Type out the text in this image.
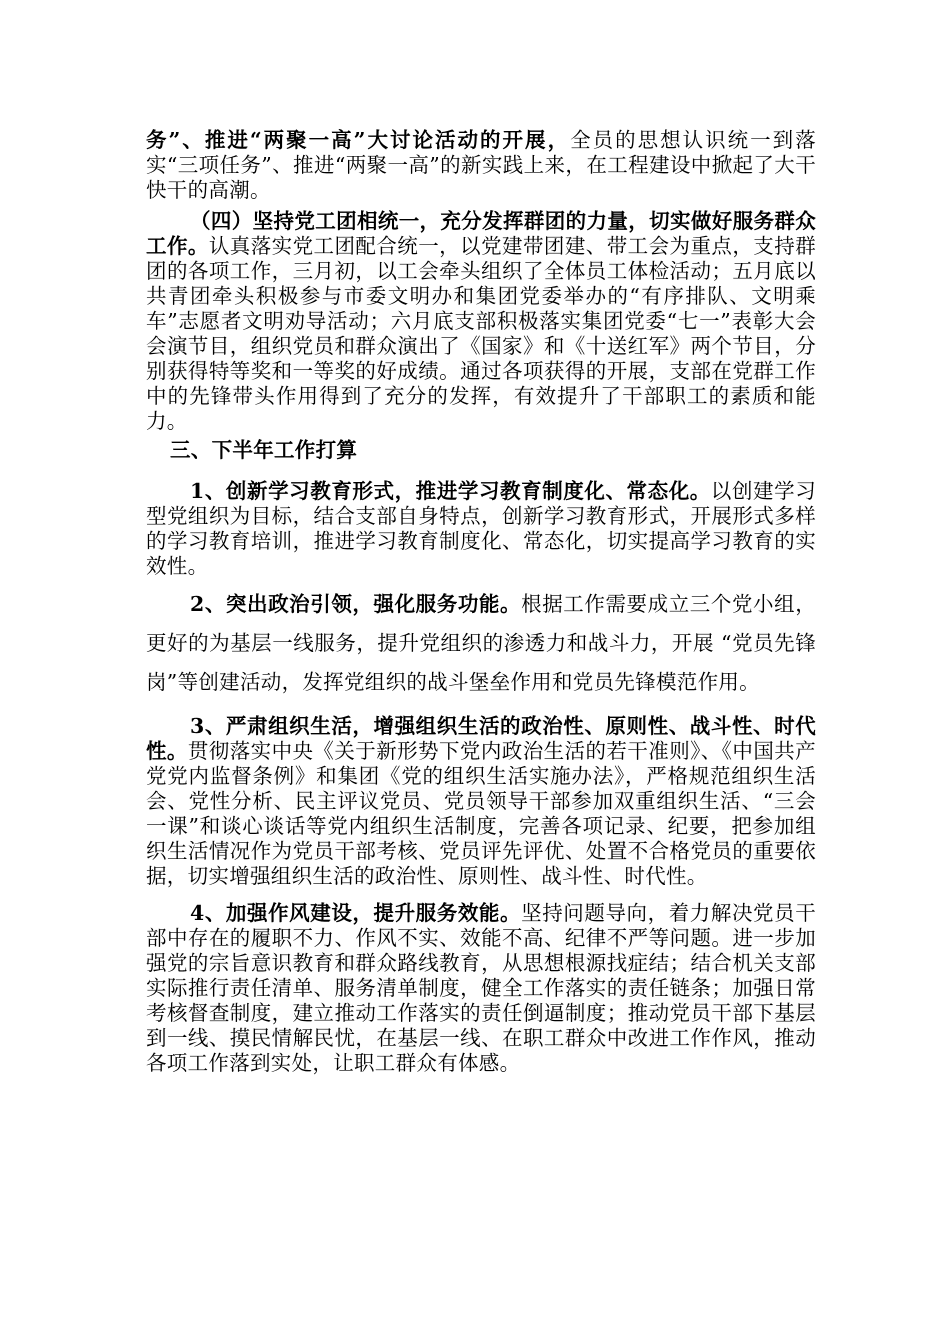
务”、推进“两聚一高”大讨论活动的开展，全员的思想认识统一到落实“三项任务”、推进“两聚一高”的新实践上来，在工程建设中掀起了大干快干的高潮。

（四）坚持党工团相统一，充分发挥群团的力量，切实做好服务群众工作。认真落实党工团配合统一，以党建带团建、带工会为重点，支持群团的各项工作，三月初，以工会牵头组织了全体员工体检活动；五月底以共青团牵头积极参与市委文明办和集团党委举办的“有序排队、文明乘车”志愿者文明劝导活动；六月底支部积极落实集团党委“七一”表彰大会会演节目，组织党员和群众演出了《国家》和《十送红军》两个节目，分别获得特等奖和一等奖的好成绩。通过各项获得的开展，支部在党群工作中的先锋带头作用得到了充分的发挥，有效提升了干部职工的素质和能力。

三、下半年工作打算

1、创新学习教育形式，推进学习教育制度化、常态化。以创建学习型党组织为目标，结合支部自身特点，创新学习教育形式，开展形式多样的学习教育培训，推进学习教育制度化、常态化，切实提高学习教育的实效性。

2、突出政治引领，强化服务功能。根据工作需要成立三个党小组，更好的为基层一线服务，提升党组织的渗透力和战斗力，开展 “党员先锋岗”等创建活动，发挥党组织的战斗堡垒作用和党员先锋模范作用。

3、严肃组织生活，增强组织生活的政治性、原则性、战斗性、时代性。贯彻落实中央《关于新形势下党内政治生活的若干准则》、《中国共产党党内监督条例》和集团《党的组织生活实施办法》，严格规范组织生活会、党性分析、民主评议党员、党员领导干部参加双重组织生活、“三会一课”和谈心谈话等党内组织生活制度，完善各项记录、纪要，把参加组织生活情况作为党员干部考核、党员评先评优、处置不合格党员的重要依据，切实增强组织生活的政治性、原则性、战斗性、时代性。

4、加强作风建设，提升服务效能。坚持问题导向，着力解决党员干部中存在的履职不力、作风不实、效能不高、纪律不严等问题。进一步加强党的宗旨意识教育和群众路线教育，从思想根源找症结；结合机关支部实际推行责任清单、服务清单制度，健全工作落实的责任链条；加强日常考核督查制度，建立推动工作落实的责任倒逼制度；推动党员干部下基层到一线、摸民情解民忧，在基层一线、在职工群众中改进工作作风，推动各项工作落到实处，让职工群众有体感。
